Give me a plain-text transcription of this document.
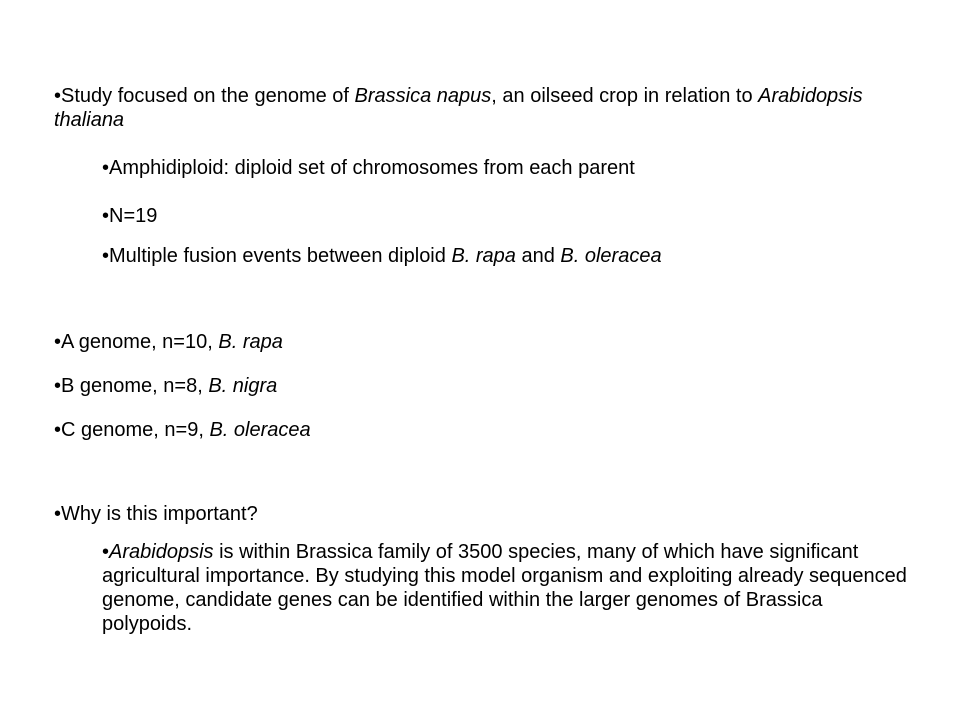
•Study focused on the genome of Brassica napus, an oilseed crop in relation to Arabidopsis thaliana
•Amphidiploid: diploid set of chromosomes from each parent
•N=19
•Multiple fusion events between diploid B. rapa and B. oleracea
•A genome, n=10, B. rapa
•B genome, n=8, B. nigra
•C genome, n=9, B. oleracea
•Why is this important?
•Arabidopsis is within Brassica family of 3500 species, many of which have significant agricultural importance. By studying this model organism and exploiting already sequenced genome, candidate genes can be identified within the larger genomes of Brassica polypoids.
